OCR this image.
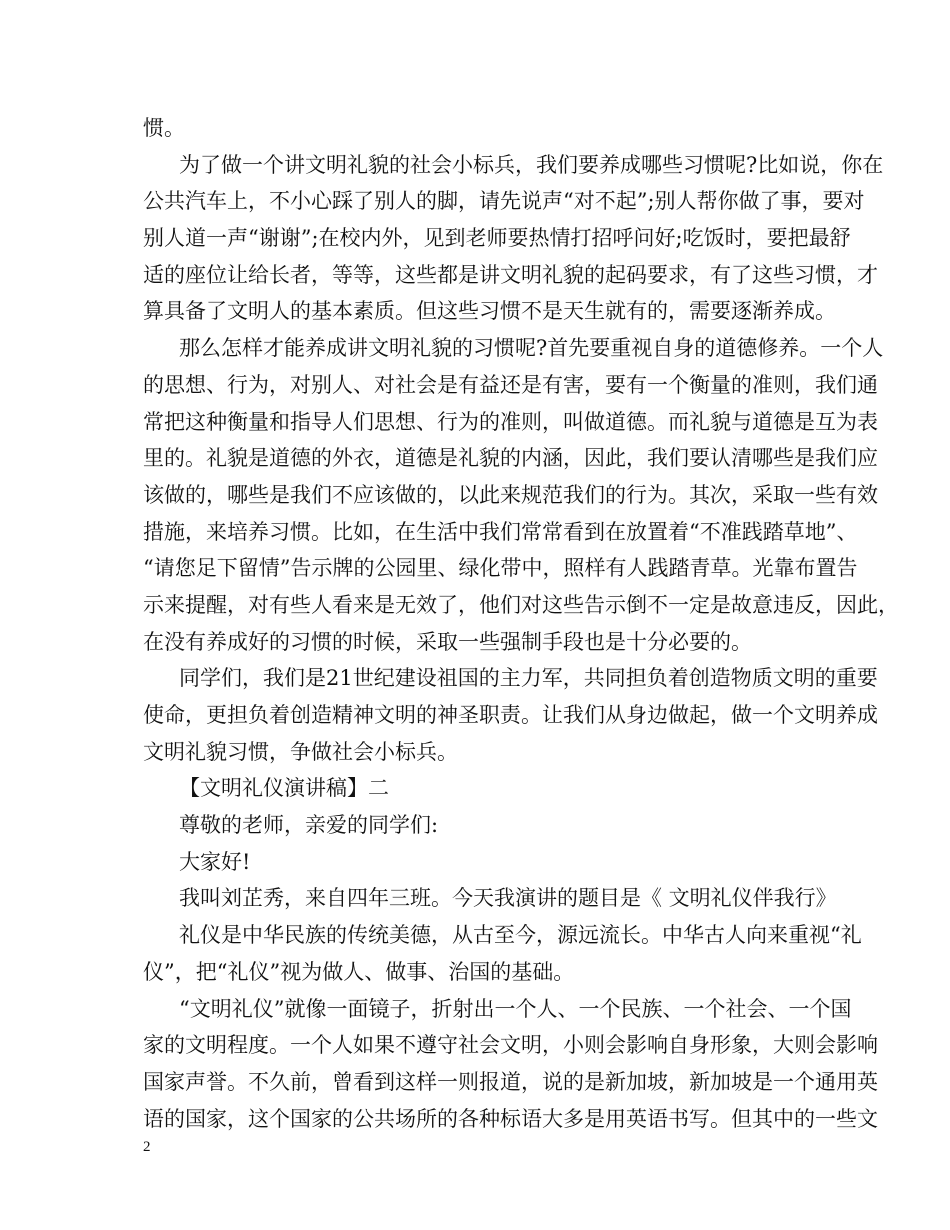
惯。
为了做一个讲文明礼貌的社会小标兵，我们要养成哪些习惯呢?比如说，你在
公共汽车上，不小心踩了别人的脚，请先说声“对不起”;别人帮你做了事，要对
别人道一声“谢谢”;在校内外，见到老师要热情打招呼问好;吃饭时，要把最舒
适的座位让给长者，等等，这些都是讲文明礼貌的起码要求，有了这些习惯，才
算具备了文明人的基本素质。但这些习惯不是天生就有的，需要逐渐养成。
那么怎样才能养成讲文明礼貌的习惯呢?首先要重视自身的道德修养。一个人
的思想、行为，对别人、对社会是有益还是有害，要有一个衡量的准则，我们通
常把这种衡量和指导人们思想、行为的准则，叫做道德。而礼貌与道德是互为表
里的。礼貌是道德的外衣，道德是礼貌的内涵，因此，我们要认清哪些是我们应
该做的，哪些是我们不应该做的，以此来规范我们的行为。其次，采取一些有效
措施，来培养习惯。比如，在生活中我们常常看到在放置着“不准践踏草地”、
“请您足下留情”告示牌的公园里、绿化带中，照样有人践踏青草。光靠布置告
示来提醒，对有些人看来是无效了，他们对这些告示倒不一定是故意违反，因此，
在没有养成好的习惯的时候，采取一些强制手段也是十分必要的。
同学们，我们是21世纪建设祖国的主力军，共同担负着创造物质文明的重要
使命，更担负着创造精神文明的神圣职责。让我们从身边做起，做一个文明养成
文明礼貌习惯，争做社会小标兵。
【文明礼仪演讲稿】二
尊敬的老师，亲爱的同学们:
大家好!
我叫刘芷秀，来自四年三班。今天我演讲的题目是《 文明礼仪伴我行》
礼仪是中华民族的传统美德，从古至今，源远流长。中华古人向来重视“礼
仪”，把“礼仪”视为做人、做事、治国的基础。
“文明礼仪”就像一面镜子，折射出一个人、一个民族、一个社会、一个国
家的文明程度。一个人如果不遵守社会文明，小则会影响自身形象，大则会影响
国家声誉。不久前，曾看到这样一则报道，说的是新加坡，新加坡是一个通用英
语的国家，这个国家的公共场所的各种标语大多是用英语书写。但其中的一些文
2
